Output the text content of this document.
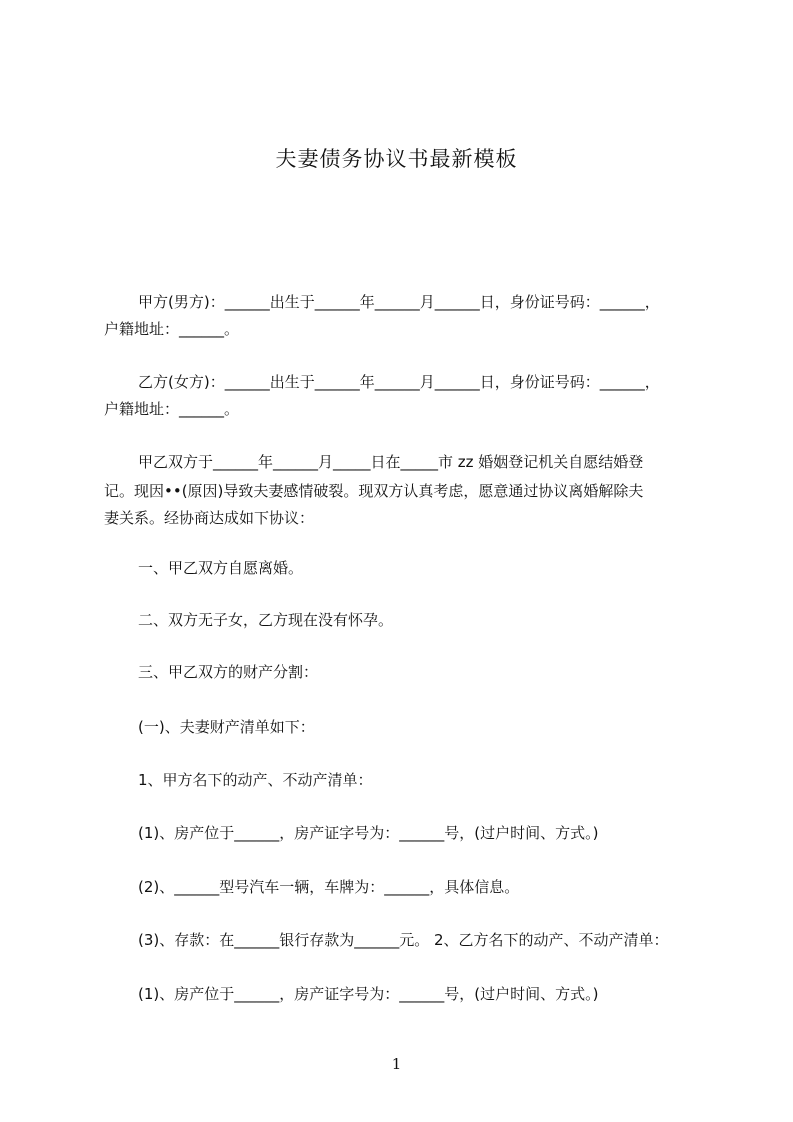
夫妻债务协议书最新模板
甲方(男方)：______出生于______年______月______日，身份证号码：______，
户籍地址：______。
乙方(女方)：______出生于______年______月______日，身份证号码：______，
户籍地址：______。
甲乙双方于______年______月_____日在_____市 zz 婚姻登记机关自愿结婚登
记。现因••(原因)导致夫妻感情破裂。现双方认真考虑，愿意通过协议离婚解除夫
妻关系。经协商达成如下协议：
一、甲乙双方自愿离婚。
二、双方无子女，乙方现在没有怀孕。
三、甲乙双方的财产分割：
(一)、夫妻财产清单如下：
1、甲方名下的动产、不动产清单：
(1)、房产位于______，房产证字号为：______号，(过户时间、方式。)
(2)、______型号汽车一辆，车牌为：______，具体信息。
(3)、存款：在______银行存款为______元。 2、乙方名下的动产、不动产清单：
(1)、房产位于______，房产证字号为：______号，(过户时间、方式。)
1
